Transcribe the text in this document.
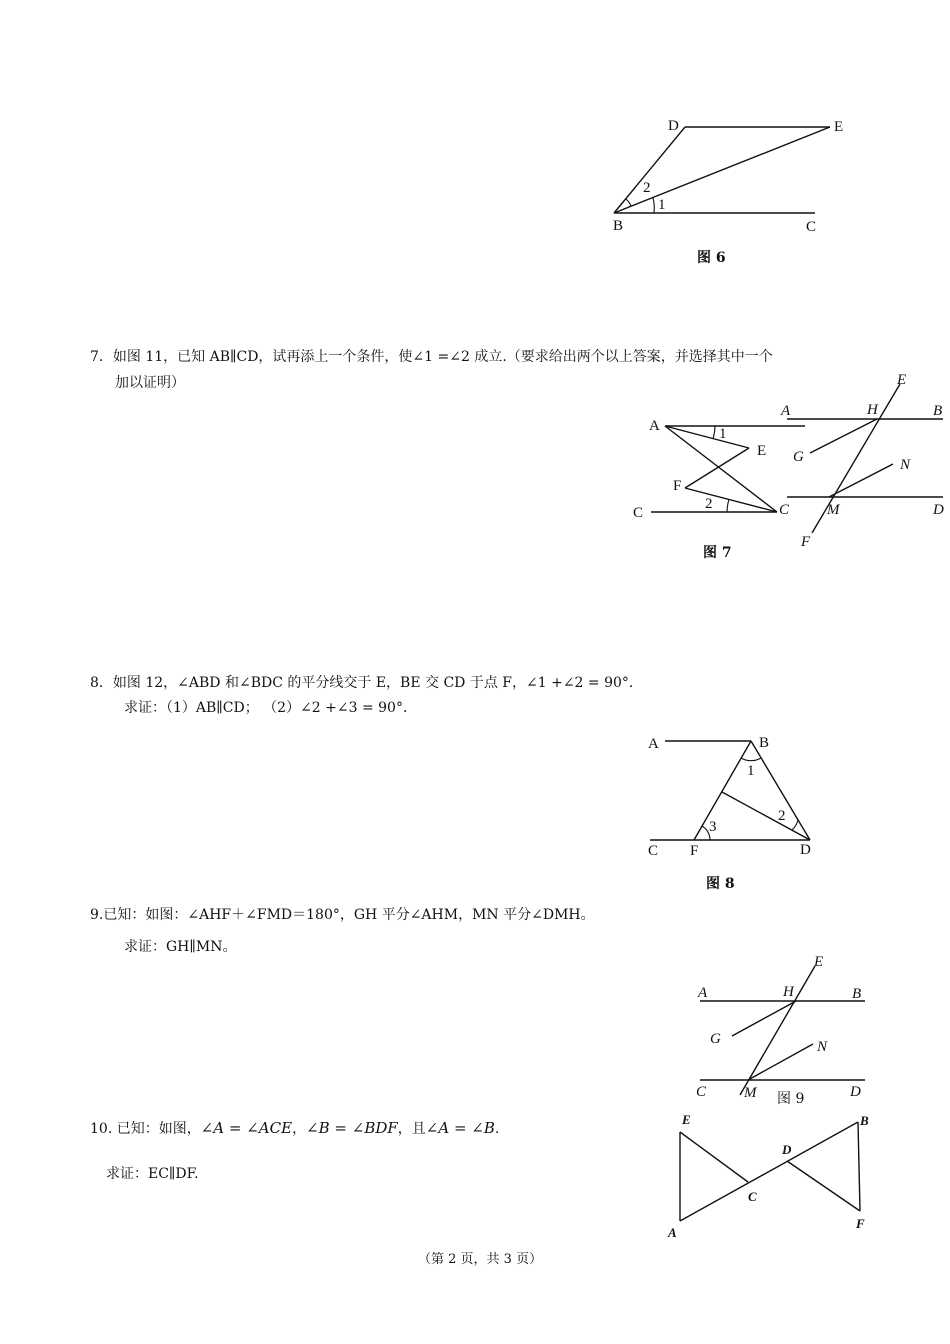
D	E
B	C
2
1
图 6
7．如图 11，已知 AB∥CD，试再添上一个条件，使∠1 =∠2 成立.（要求给出两个以上答案，并选择其中一个
加以证明）
A	1
E
F
2
C
图 7
E
A	H	B
G	N
C	M	D
F
8．如图 12，∠ABD 和∠BDC 的平分线交于 E，BE 交 CD 于点 F，∠1 +∠2 = 90°．
求证：（1）AB∥CD； （2）∠2 +∠3 = 90°．
A	B
1
2
3
C F	D
图 8
9.已知：如图：∠AHF＋∠FMD＝180°，GH 平分∠AHM，MN 平分∠DMH。
求证：GH∥MN。
E
A	H	B
G	N
C	M	D
图 9
10. 已知：如图，∠A = ∠ACE，∠B = ∠BDF，且∠A = ∠B.
求证：EC∥DF.
E	B
D
C
A
F
（第 2 页，共 3 页）
